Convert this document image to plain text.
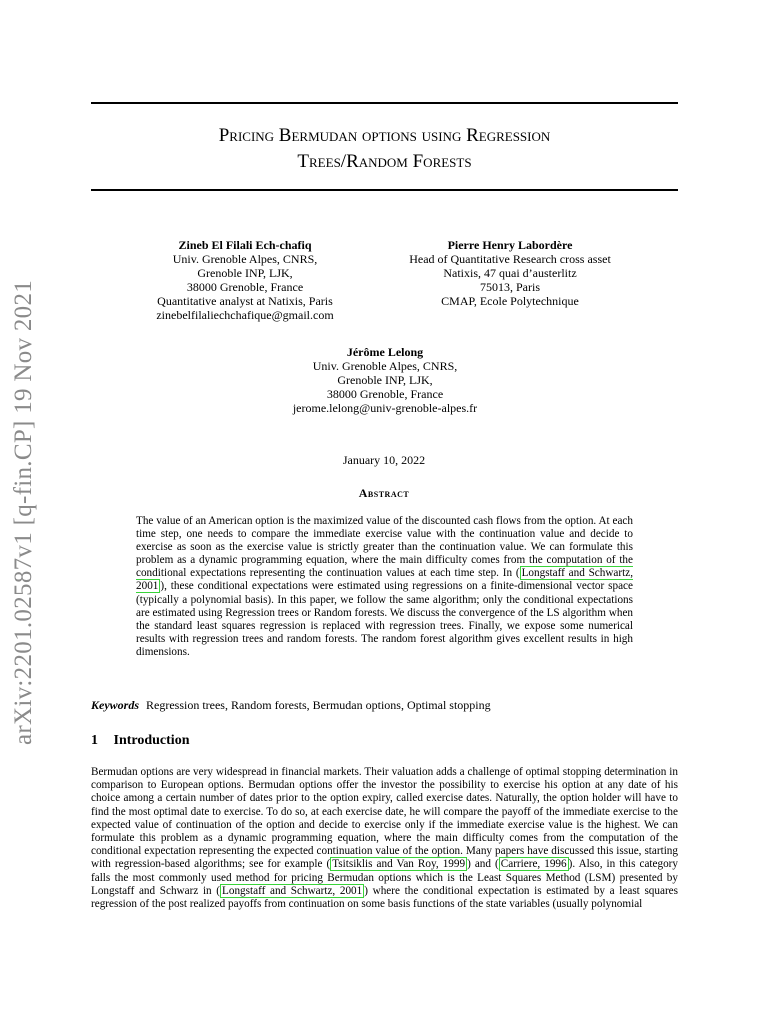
arXiv:2201.02587v1 [q-fin.CP] 19 Nov 2021
Pricing Bermudan options using Regression
Trees/Random Forests
Zineb El Filali Ech-chafiq
Univ. Grenoble Alpes, CNRS,
Grenoble INP, LJK,
38000 Grenoble, France
Quantitative analyst at Natixis, Paris
zinebelfilaliechchafique@gmail.com
Pierre Henry Labordère
Head of Quantitative Research cross asset
Natixis, 47 quai d’austerlitz
75013, Paris
CMAP, Ecole Polytechnique
Jérôme Lelong
Univ. Grenoble Alpes, CNRS,
Grenoble INP, LJK,
38000 Grenoble, France
jerome.lelong@univ-grenoble-alpes.fr
January 10, 2022
Abstract
The value of an American option is the maximized value of the discounted cash flows from the option. At each time step, one needs to compare the immediate exercise value with the continuation value and decide to exercise as soon as the exercise value is strictly greater than the continuation value. We can formulate this problem as a dynamic programming equation, where the main difficulty comes from the computation of the conditional expectations representing the continuation values at each time step. In ( Longstaff and Schwartz, 2001 ), these conditional expectations were estimated using regressions on a finite-dimensional vector space (typically a polynomial basis). In this paper, we follow the same algorithm; only the conditional expectations are estimated using Regression trees or Random forests. We discuss the convergence of the LS algorithm when the standard least squares regression is replaced with regression trees. Finally, we expose some numerical results with regression trees and random forests. The random forest algorithm gives excellent results in high dimensions.
Keywords Regression trees, Random forests, Bermudan options, Optimal stopping
1 Introduction
Bermudan options are very widespread in financial markets. Their valuation adds a challenge of optimal stopping determination in comparison to European options. Bermudan options offer the investor the possibility to exercise his option at any date of his choice among a certain number of dates prior to the option expiry, called exercise dates. Naturally, the option holder will have to find the most optimal date to exercise. To do so, at each exercise date, he will compare the payoff of the immediate exercise to the expected value of continuation of the option and decide to exercise only if the immediate exercise value is the highest. We can formulate this problem as a dynamic programming equation, where the main difficulty comes from the computation of the conditional expectation representing the expected continuation value of the option. Many papers have discussed this issue, starting with regression-based algorithms; see for example ( Tsitsiklis and Van Roy, 1999 ) and ( Carriere, 1996 ). Also, in this category falls the most commonly used method for pricing Bermudan options which is the Least Squares Method (LSM) presented by Longstaff and Schwarz in ( Longstaff and Schwartz, 2001 ) where the conditional expectation is estimated by a least squares regression of the post realized payoffs from continuation on some basis functions of the state variables (usually polynomial
